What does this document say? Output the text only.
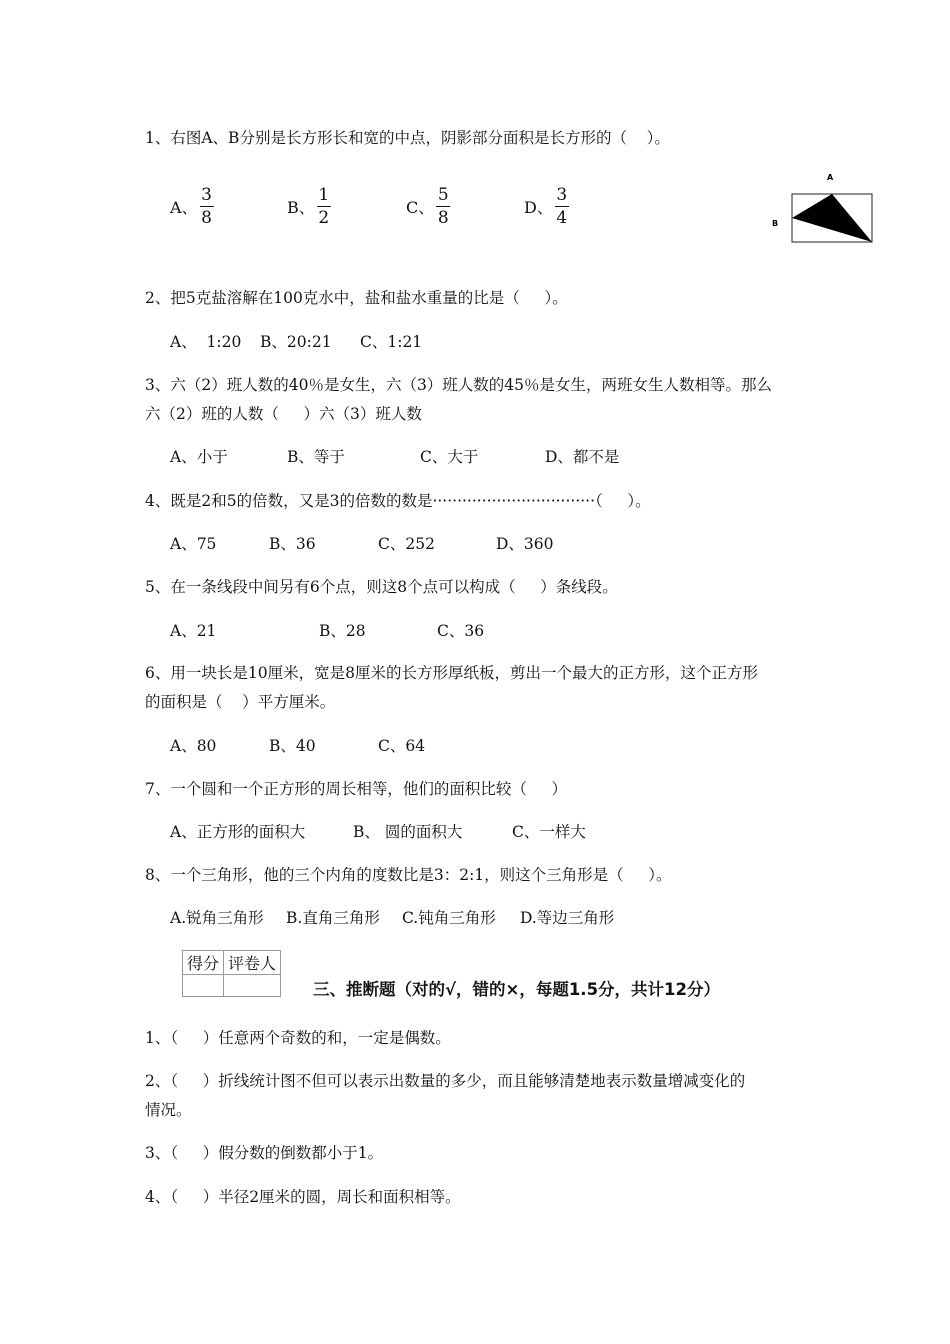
1、右图A、B分别是长方形长和宽的中点，阴影部分面积是长方形的（    ）。
A、 $\frac{3}{8}$	B、 $\frac{1}{2}$	C、 $\frac{5}{8}$	D、 $\frac{3}{4}$
A
B
2、把5克盐溶解在100克水中，盐和盐水重量的比是（     ）。
A、  1:20 B、20:21 C、1:21
3、六（2）班人数的40％是女生，六（3）班人数的45％是女生，两班女生人数相等。那么
六（2）班的人数（     ）六（3）班人数
A、小于	B、等于	C、大于	D、都不是
4、既是2和5的倍数，又是3的倍数的数是·································（     ）。
A、75	B、36	C、252	D、360
5、在一条线段中间另有6个点，则这8个点可以构成（     ）条线段。
A、21	B、28	C、36
6、用一块长是10厘米，宽是8厘米的长方形厚纸板，剪出一个最大的正方形，这个正方形
的面积是（    ）平方厘米。
A、80	B、40	C、64
7、一个圆和一个正方形的周长相等，他们的面积比较（     ）
A、正方形的面积大	B、 圆的面积大	C、一样大
8、一个三角形，他的三个内角的度数比是3：2:1，则这个三角形是（     ）。
A.锐角三角形 B.直角三角形 C.钝角三角形 D.等边三角形
得分	评卷人

三、推断题（对的√，错的×，每题1.5分，共计12分）
1、（     ）任意两个奇数的和，一定是偶数。
2、（     ）折线统计图不但可以表示出数量的多少，而且能够清楚地表示数量增减变化的
情况。
3、（     ）假分数的倒数都小于1。
4、（     ）半径2厘米的圆，周长和面积相等。
